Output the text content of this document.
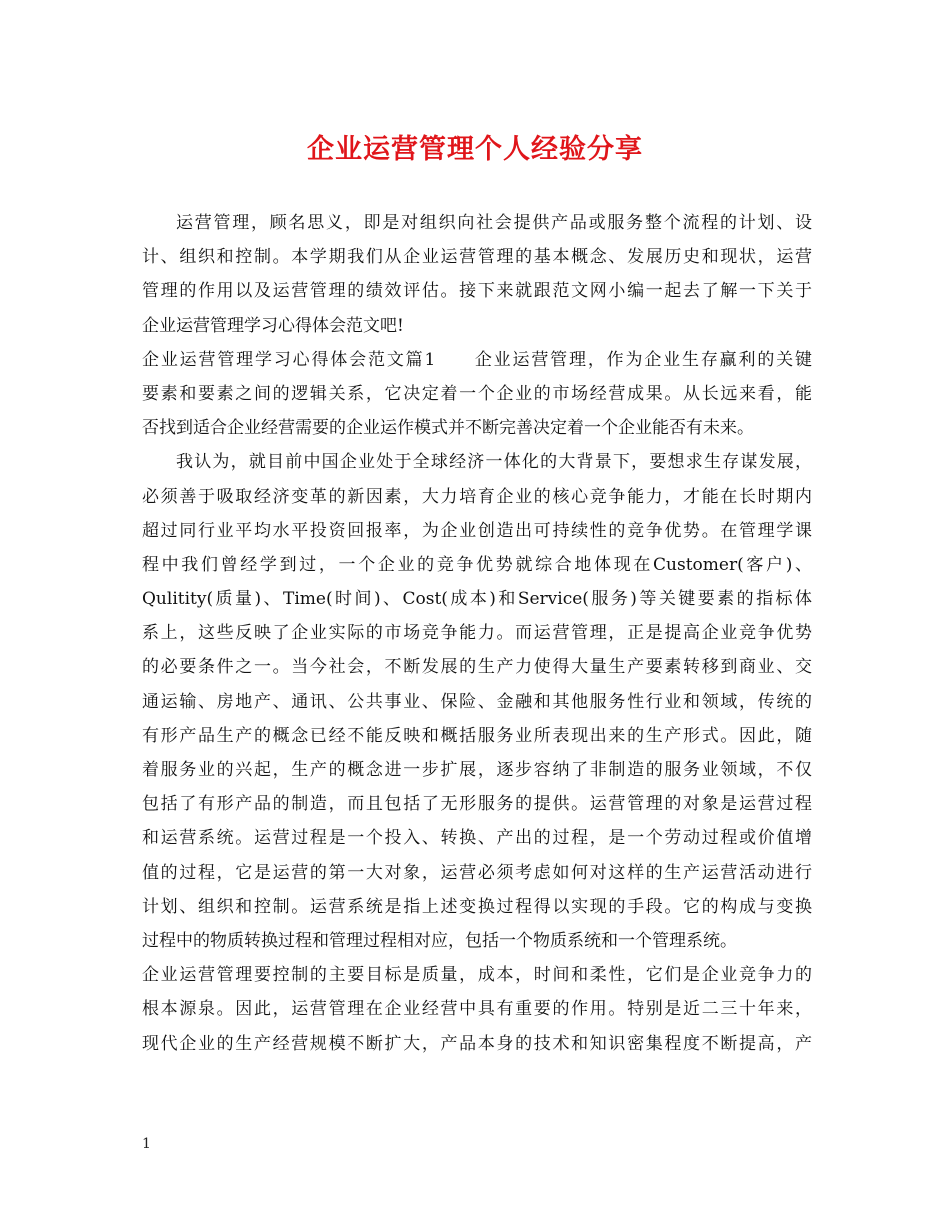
企业运营管理个人经验分享
运营管理，顾名思义，即是对组织向社会提供产品或服务整个流程的计划、设
计、组织和控制。本学期我们从企业运营管理的基本概念、发展历史和现状，运营
管理的作用以及运营管理的绩效评估。接下来就跟范文网小编一起去了解一下关于
企业运营管理学习心得体会范文吧!
企业运营管理学习心得体会范文篇1　　企业运营管理，作为企业生存赢利的关键
要素和要素之间的逻辑关系，它决定着一个企业的市场经营成果。从长远来看，能
否找到适合企业经营需要的企业运作模式并不断完善决定着一个企业能否有未来。
我认为，就目前中国企业处于全球经济一体化的大背景下，要想求生存谋发展，
必须善于吸取经济变革的新因素，大力培育企业的核心竞争能力，才能在长时期内
超过同行业平均水平投资回报率，为企业创造出可持续性的竞争优势。在管理学课
程中我们曾经学到过，一个企业的竞争优势就综合地体现在Customer(客户)、
Qulitity(质量)、Time(时间)、Cost(成本)和Service(服务)等关键要素的指标体
系上，这些反映了企业实际的市场竞争能力。而运营管理，正是提高企业竞争优势
的必要条件之一。当今社会，不断发展的生产力使得大量生产要素转移到商业、交
通运输、房地产、通讯、公共事业、保险、金融和其他服务性行业和领域，传统的
有形产品生产的概念已经不能反映和概括服务业所表现出来的生产形式。因此，随
着服务业的兴起，生产的概念进一步扩展，逐步容纳了非制造的服务业领域，不仅
包括了有形产品的制造，而且包括了无形服务的提供。运营管理的对象是运营过程
和运营系统。运营过程是一个投入、转换、产出的过程，是一个劳动过程或价值增
值的过程，它是运营的第一大对象，运营必须考虑如何对这样的生产运营活动进行
计划、组织和控制。运营系统是指上述变换过程得以实现的手段。它的构成与变换
过程中的物质转换过程和管理过程相对应，包括一个物质系统和一个管理系统。
企业运营管理要控制的主要目标是质量，成本，时间和柔性，它们是企业竞争力的
根本源泉。因此，运营管理在企业经营中具有重要的作用。特别是近二三十年来，
现代企业的生产经营规模不断扩大，产品本身的技术和知识密集程度不断提高，产
1
